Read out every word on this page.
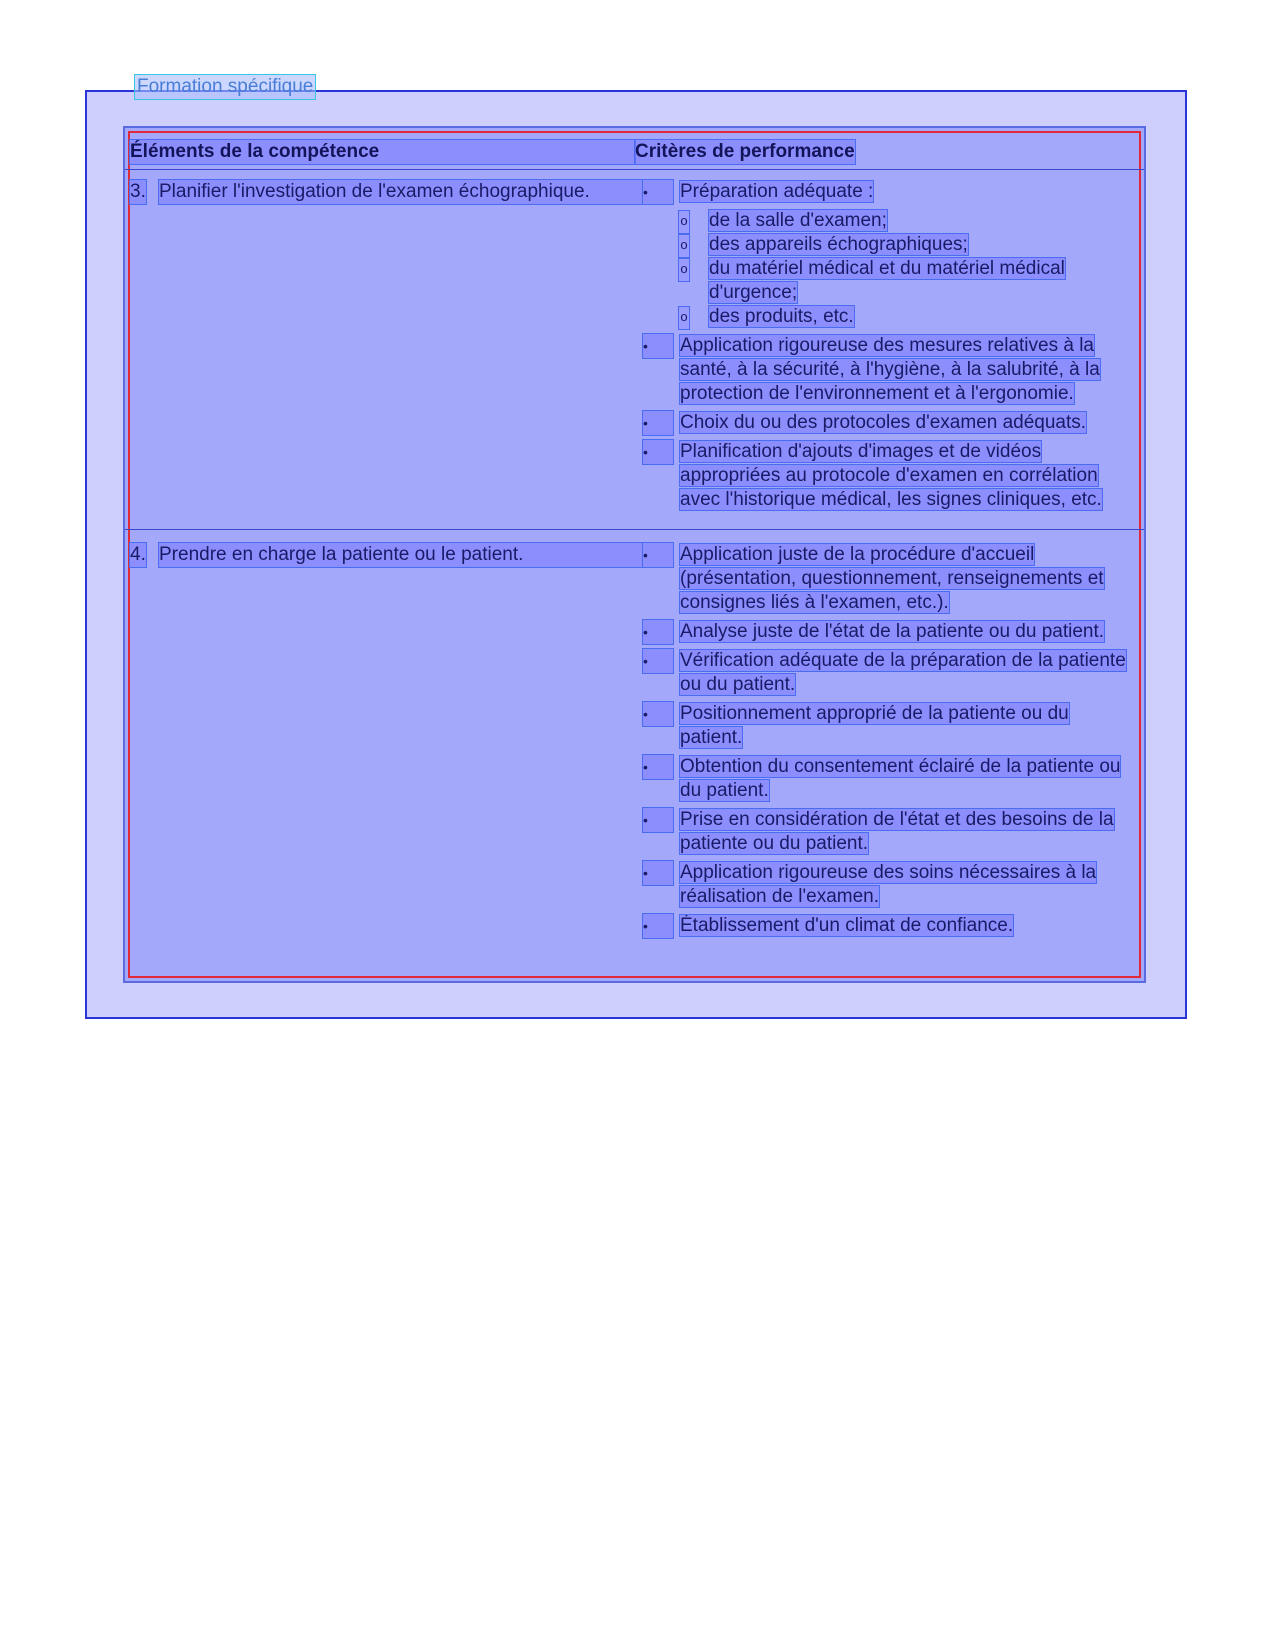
Formation spécifique
Éléments de la compétence	Critères de performance
3. Planifier l'investigation de l'examen échographique.	•	Préparation adéquate :
o de la salle d'examen;
o des appareils échographiques;
o du matériel médical et du matériel médical d'urgence;
o des produits, etc.
•	Application rigoureuse des mesures relatives à la santé, à la sécurité, à l'hygiène, à la salubrité, à la protection de l'environnement et à l'ergonomie.
•	Choix du ou des protocoles d'examen adéquats.
•	Planification d'ajouts d'images et de vidéos appropriées au protocole d'examen en corrélation avec l'historique médical, les signes cliniques, etc.
4. Prendre en charge la patiente ou le patient.	•	Application juste de la procédure d'accueil (présentation, questionnement, renseignements et consignes liés à l'examen, etc.).
•	Analyse juste de l'état de la patiente ou du patient.
•	Vérification adéquate de la préparation de la patiente ou du patient.
•	Positionnement approprié de la patiente ou du patient.
•	Obtention du consentement éclairé de la patiente ou du patient.
•	Prise en considération de l'état et des besoins de la patiente ou du patient.
•	Application rigoureuse des soins nécessaires à la réalisation de l'examen.
•	Établissement d'un climat de confiance.
